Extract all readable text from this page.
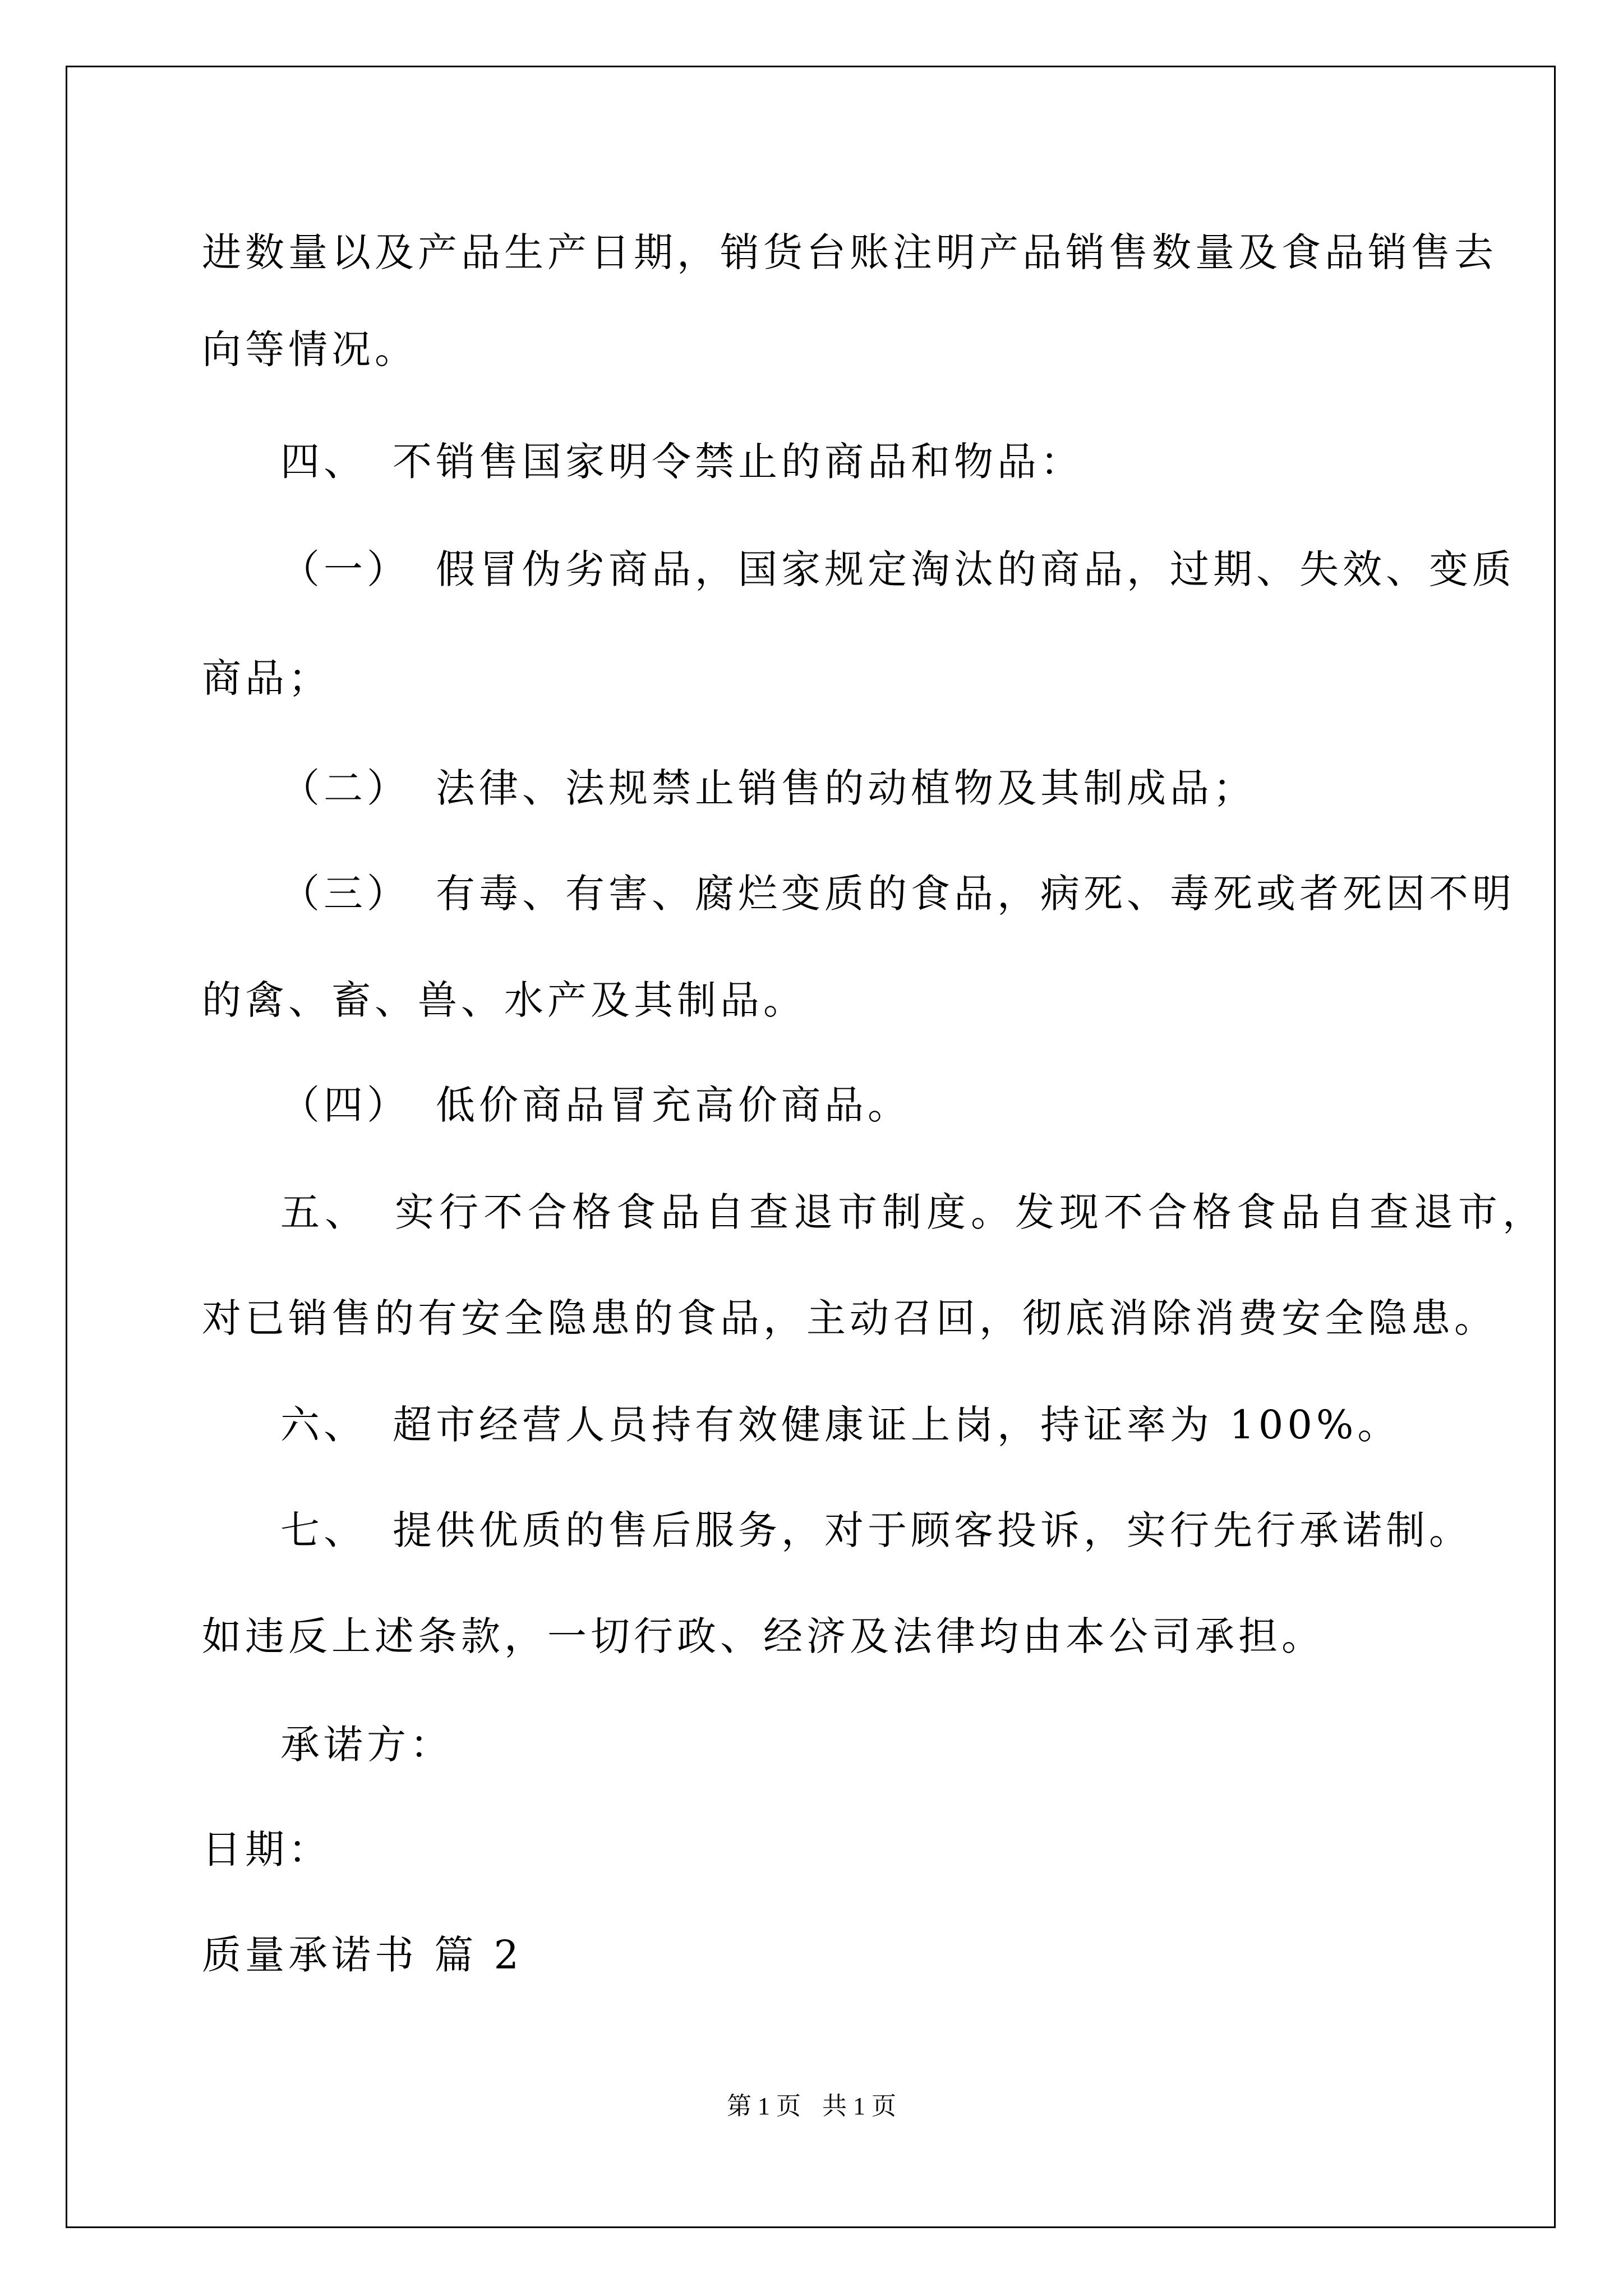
进数量以及产品生产日期，销货台账注明产品销售数量及食品销售去
向等情况。
四、 不销售国家明令禁止的商品和物品：
（一） 假冒伪劣商品，国家规定淘汰的商品，过期、失效、变质
商品；
（二） 法律、法规禁止销售的动植物及其制成品；
（三） 有毒、有害、腐烂变质的食品，病死、毒死或者死因不明
的禽、畜、兽、水产及其制品。
（四） 低价商品冒充高价商品。
五、 实行不合格食品自查退市制度。发现不合格食品自查退市，
对已销售的有安全隐患的食品，主动召回，彻底消除消费安全隐患。
六、 超市经营人员持有效健康证上岗，持证率为 100%。
七、 提供优质的售后服务，对于顾客投诉，实行先行承诺制。
如违反上述条款，一切行政、经济及法律均由本公司承担。
承诺方：
日期：
质量承诺书 篇 2
第 1 页 共 1 页
